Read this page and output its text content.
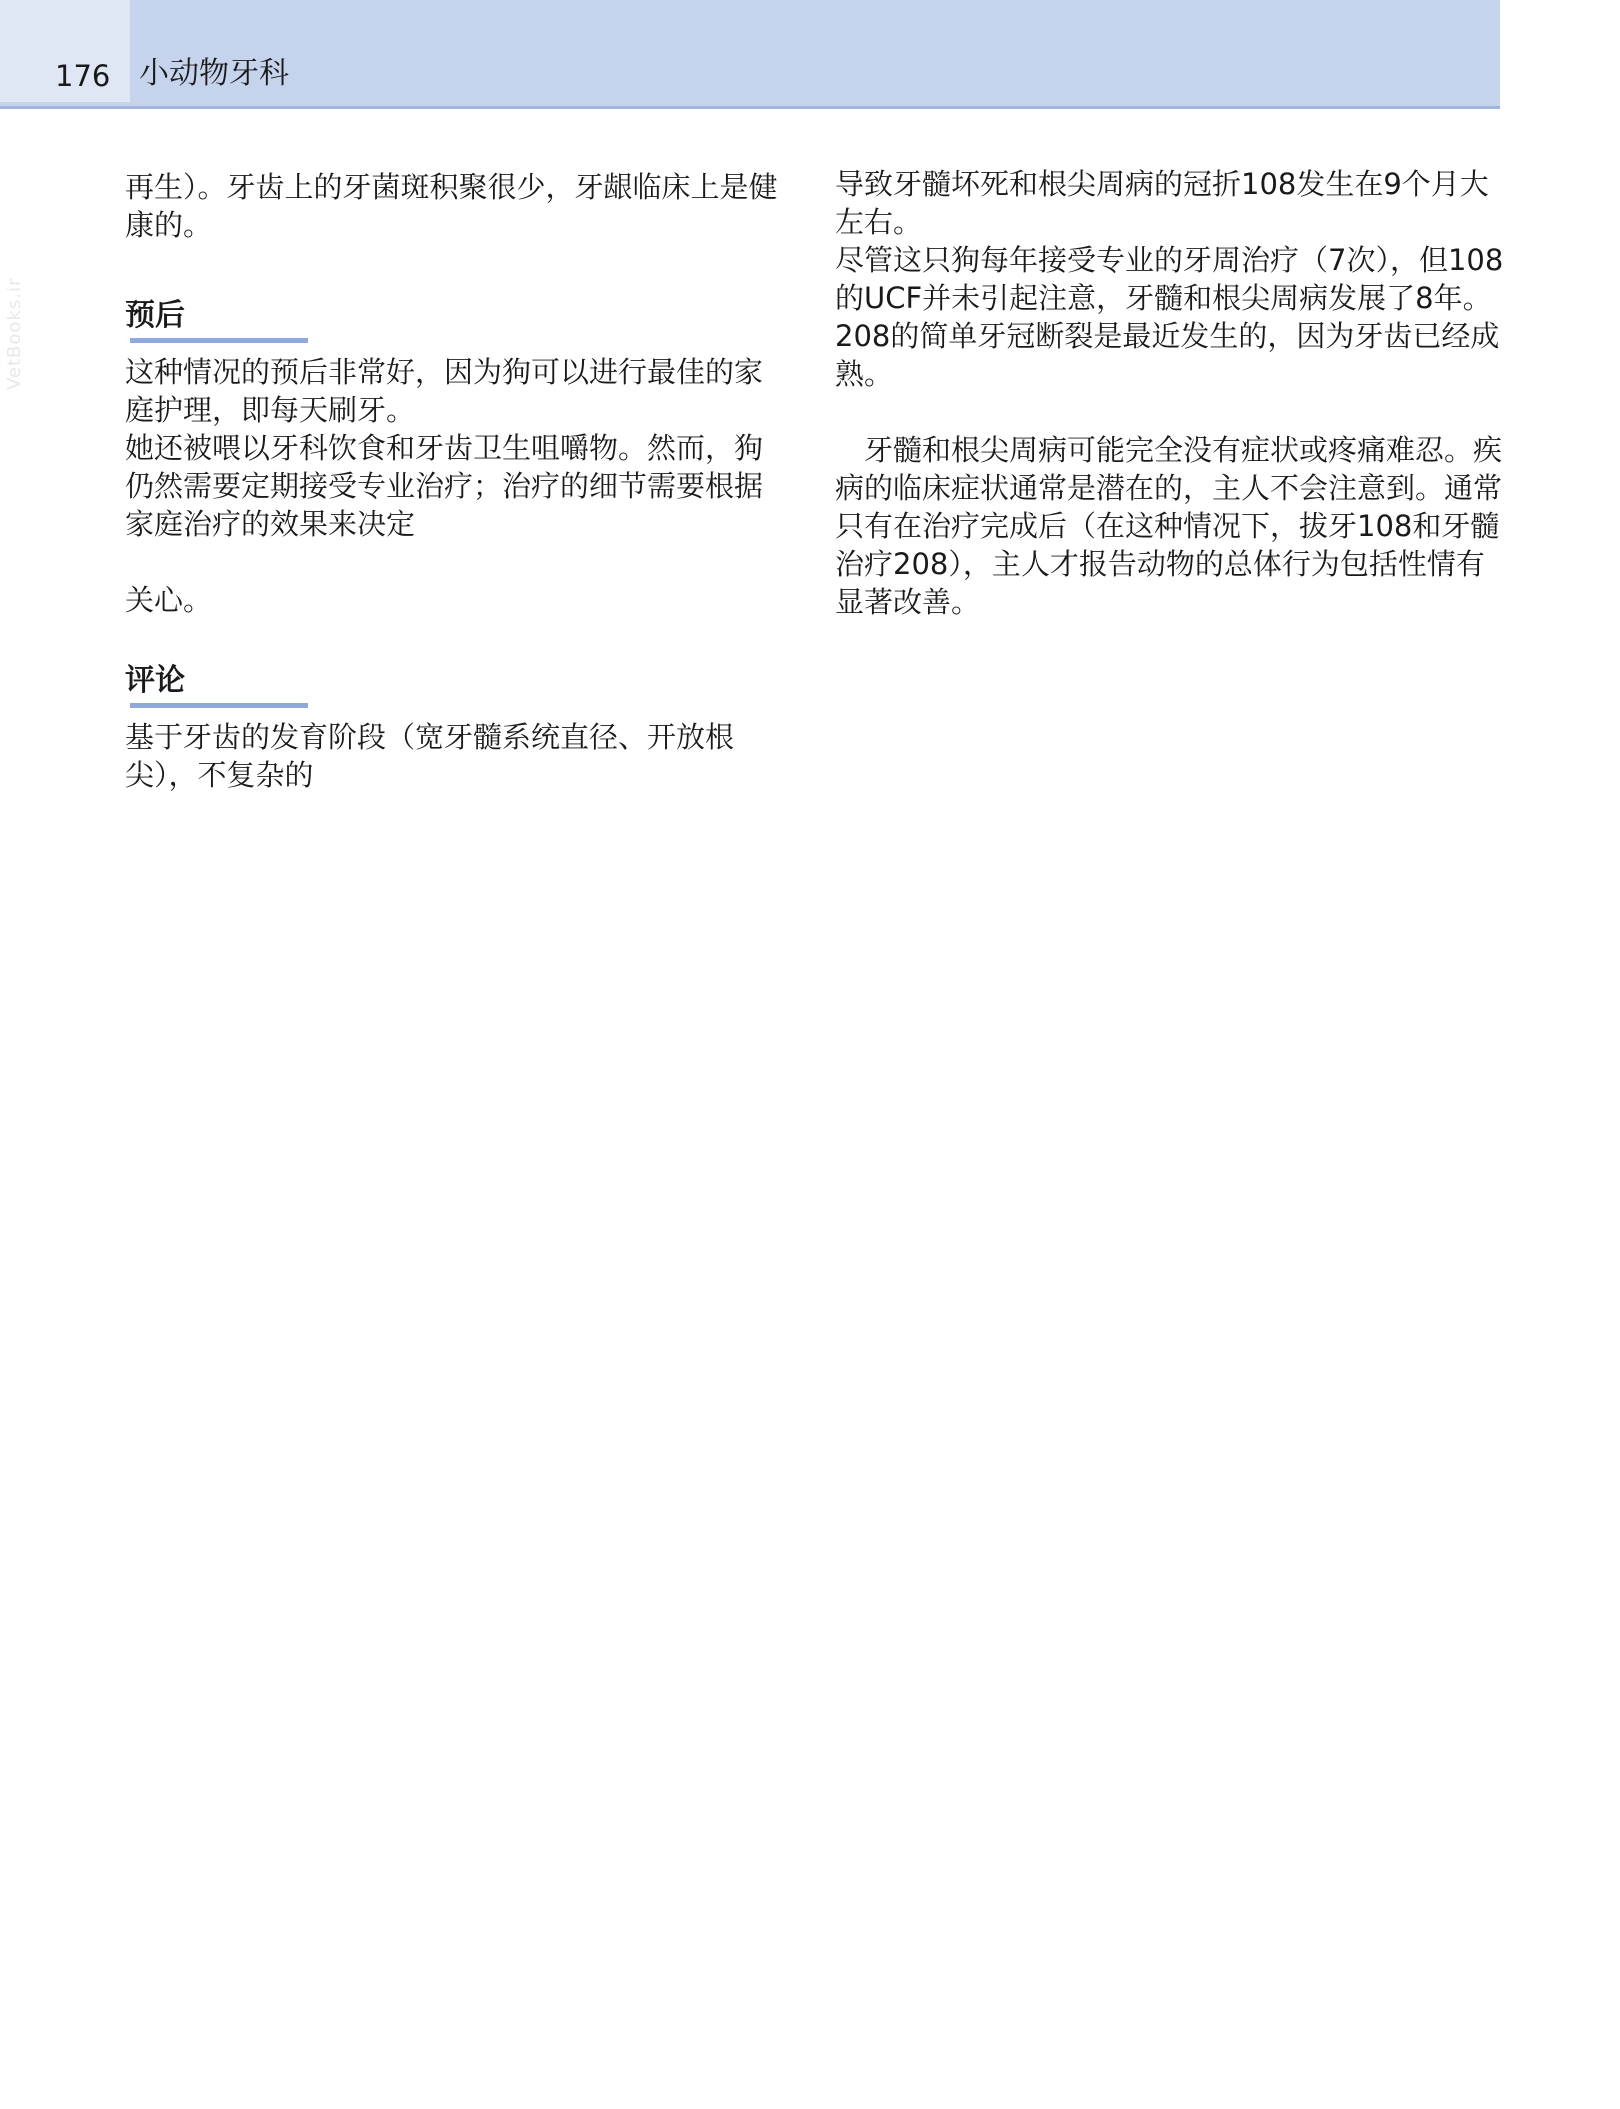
176 小动物牙科
VetBooks.ir

再生）。牙齿上的牙菌斑积聚很少，牙龈临床上是健康的。

预后

这种情况的预后非常好，因为狗可以进行最佳的家庭护理，即每天刷牙。

她还被喂以牙科饮食和牙齿卫生咀嚼物。然而，狗仍然需要定期接受专业治疗；治疗的细节需要根据家庭治疗的效果来决定

关心。

评论

基于牙齿的发育阶段（宽牙髓系统直径、开放根尖），不复杂的

导致牙髓坏死和根尖周病的冠折108发生在9个月大左右。

尽管这只狗每年接受专业的牙周治疗（7次），但108的UCF并未引起注意，牙髓和根尖周病发展了8年。208的简单牙冠断裂是最近发生的，因为牙齿已经成熟。

牙髓和根尖周病可能完全没有症状或疼痛难忍。疾病的临床症状通常是潜在的，主人不会注意到。通常只有在治疗完成后（在这种情况下，拔牙108和牙髓治疗208），主人才报告动物的总体行为包括性情有显著改善。
